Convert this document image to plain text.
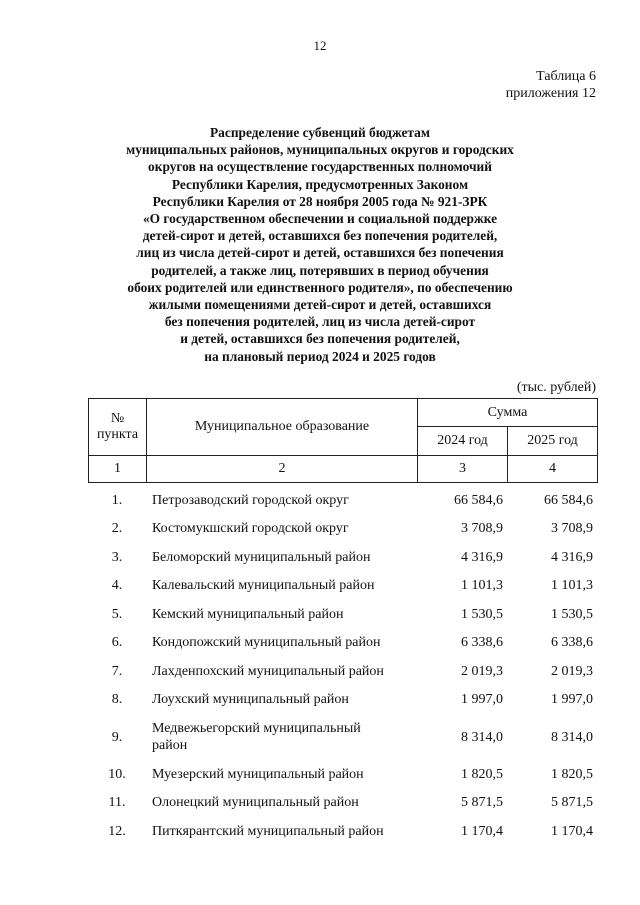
12
Таблица 6
приложения 12
Распределение субвенций бюджетам
муниципальных районов, муниципальных округов и городских
округов на осуществление государственных полномочий
Республики Карелия, предусмотренных Законом
Республики Карелия от 28 ноября 2005 года № 921-ЗРК
«О государственном обеспечении и социальной поддержке
детей-сирот и детей, оставшихся без попечения родителей,
лиц из числа детей-сирот и детей, оставшихся без попечения
родителей, а также лиц, потерявших в период обучения
обоих родителей или единственного родителя», по обеспечению
жилыми помещениями детей-сирот и детей, оставшихся
без попечения родителей, лиц из числа детей-сирот
и детей, оставшихся без попечения родителей,
на плановый период 2024 и 2025 годов
(тыс. рублей)
№
пункта	Муниципальное образование	Сумма	
		2024 год	2025 год
1	2	3	4
1.	Петрозаводский городской округ	66 584,6	66 584,6
2.	Костомукшский городской округ	3 708,9	3 708,9
3.	Беломорский муниципальный район	4 316,9	4 316,9
4.	Калевальский муниципальный район	1 101,3	1 101,3
5.	Кемский муниципальный район	1 530,5	1 530,5
6.	Кондопожский муниципальный район	6 338,6	6 338,6
7.	Лахденпохский муниципальный район	2 019,3	2 019,3
8.	Лоухский муниципальный район	1 997,0	1 997,0
9.	Медвежьегорский муниципальный
район	8 314,0	8 314,0
10.	Муезерский муниципальный район	1 820,5	1 820,5
11.	Олонецкий муниципальный район	5 871,5	5 871,5
12.	Питкярантский муниципальный район	1 170,4	1 170,4
